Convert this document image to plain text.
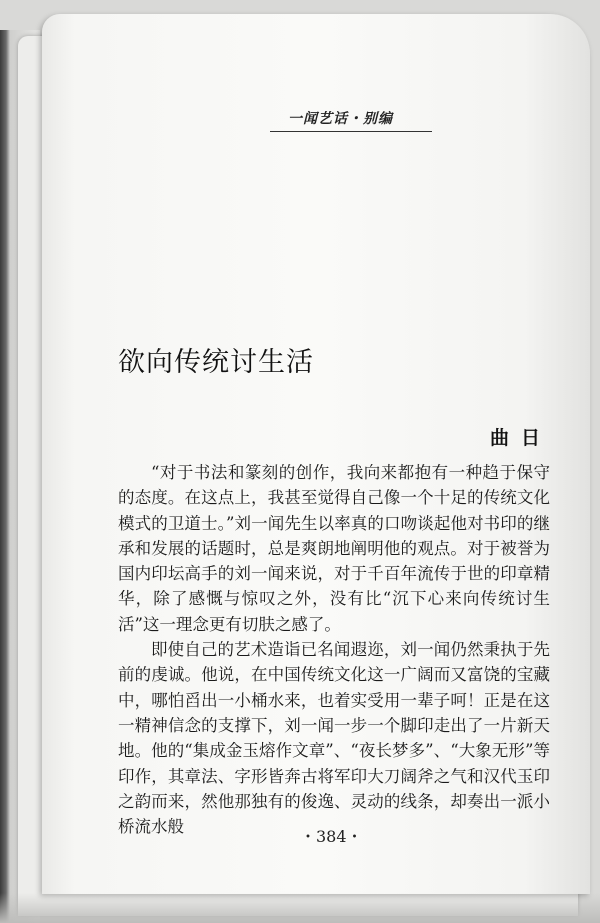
一闻艺话・别编
欲向传统讨生活
曲日

“对于书法和篆刻的创作，我向来都抱有一种趋于保守的态度。在这点上，我甚至觉得自己像一个十足的传统文化模式的卫道士。”刘一闻先生以率真的口吻谈起他对书印的继承和发展的话题时，总是爽朗地阐明他的观点。对于被誉为国内印坛高手的刘一闻来说，对于千百年流传于世的印章精华，除了感慨与惊叹之外，没有比“沉下心来向传统讨生活”这一理念更有切肤之感了。

即使自己的艺术造诣已名闻遐迩，刘一闻仍然秉执于先前的虔诚。他说，在中国传统文化这一广阔而又富饶的宝藏中，哪怕舀出一小桶水来，也着实受用一辈子呵！正是在这一精神信念的支撑下，刘一闻一步一个脚印走出了一片新天地。他的“集成金玉熔作文章”、“夜长梦多”、“大象无形”等印作，其章法、字形皆奔古将军印大刀阔斧之气和汉代玉印之韵而来，然他那独有的俊逸、灵动的线条，却奏出一派小桥流水般

・384・
